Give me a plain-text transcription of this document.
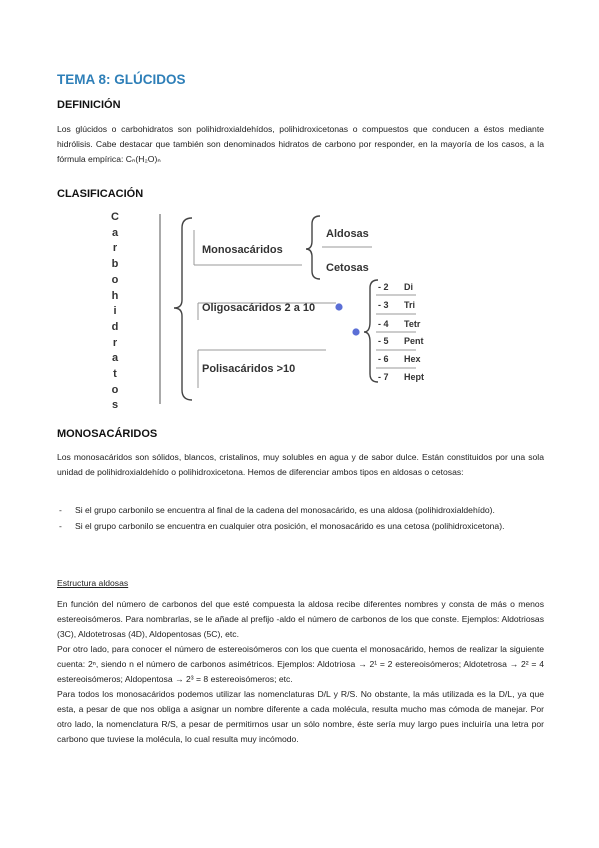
TEMA 8: GLÚCIDOS
DEFINICIÓN

Los glúcidos o carbohidratos son polihidroxialdehídos, polihidroxicetonas o compuestos que conducen a éstos mediante hidrólisis. Cabe destacar que también son denominados hidratos de carbono por responder, en la mayoría de los casos, a la fórmula empírica: Cₙ(H₂O)ₙ

CLASIFICACIÓN
MONOSACÁRIDOS

Los monosacáridos son sólidos, blancos, cristalinos, muy solubles en agua y de sabor dulce. Están constituidos por una sola unidad de polihidroxialdehído o polihidroxicetona. Hemos de diferenciar ambos tipos en aldosas o cetosas:

- Si el grupo carbonilo se encuentra al final de la cadena del monosacárido, es una aldosa (polihidroxialdehído).
- Si el grupo carbonilo se encuentra en cualquier otra posición, el monosacárido es una cetosa (polihidroxicetona).
Estructura aldosas

En función del número de carbonos del que esté compuesta la aldosa recibe diferentes nombres y consta de más o menos estereoisómeros. Para nombrarlas, se le añade al prefijo -aldo el número de carbonos de los que conste. Ejemplos: Aldotriosas (3C), Aldotetrosas (4D), Aldopentosas (5C), etc.

Por otro lado, para conocer el número de estereoisómeros con los que cuenta el monosacárido, hemos de realizar la siguiente cuenta: 2ⁿ, siendo n el número de carbonos asimétricos. Ejemplos: Aldotriosa → 2¹ = 2 estereoisómeros; Aldotetrosa → 2² = 4 estereoisómeros; Aldopentosa → 2³ = 8 estereoisómeros; etc.

Para todos los monosacáridos podemos utilizar las nomenclaturas D/L y R/S. No obstante, la más utilizada es la D/L, ya que esta, a pesar de que nos obliga a asignar un nombre diferente a cada molécula, resulta mucho mas cómoda de manejar. Por otro lado, la nomenclatura R/S, a pesar de permitirnos usar un sólo nombre, éste sería muy largo pues incluiría una letra por carbono que tuviese la molécula, lo cual resulta muy incómodo.

C
a
r
b
o
h
i
d
r
a
t
o
s
Monosacáridos
Oligosacáridos 2 a 10
Polisacáridos >10
Aldosas
Cetosas
- 2 Di
- 3 Tri
- 4 Tetr
- 5 Pent
- 6 Hex
- 7 Hept
